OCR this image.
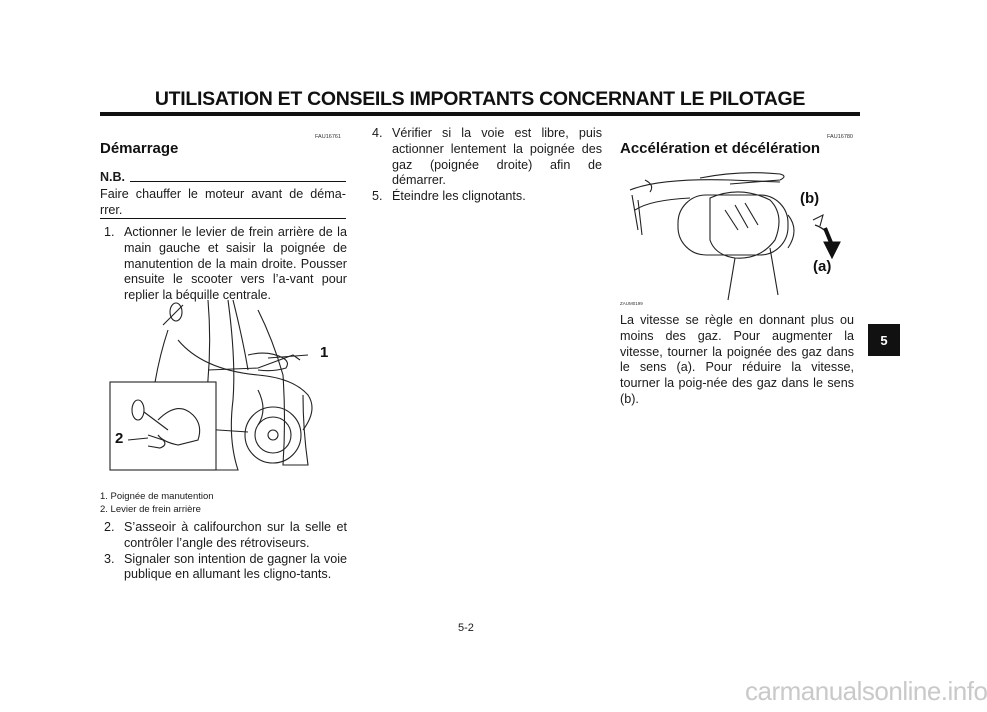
UTILISATION ET CONSEILS IMPORTANTS CONCERNANT LE PILOTAGE
FAU16761
Démarrage
N.B.

Faire chauffer le moteur avant de déma-rrer.

1. Actionner le levier de frein arrière de la main gauche et saisir la poignée de manutention de la main droite. Pousser ensuite le scooter vers l’a-vant pour replier la béquille centrale.
1
2

1. Poignée de manutention

2. Levier de frein arrière

2. S’asseoir à califourchon sur la selle et contrôler l’angle des rétroviseurs.
3. Signaler son intention de gagner la voie publique en allumant les cligno-tants.
4. Vérifier si la voie est libre, puis actionner lentement la poignée des gaz (poignée droite) afin de démarrer.
5. Éteindre les clignotants.
FAU16780
Accélération et décélération
(b)
(a)
ZAUM0199

La vitesse se règle en donnant plus ou moins des gaz. Pour augmenter la vitesse, tourner la poignée des gaz dans le sens (a). Pour réduire la vitesse, tourner la poig-née des gaz dans le sens (b).

5
5-2
carmanualsonline.info
